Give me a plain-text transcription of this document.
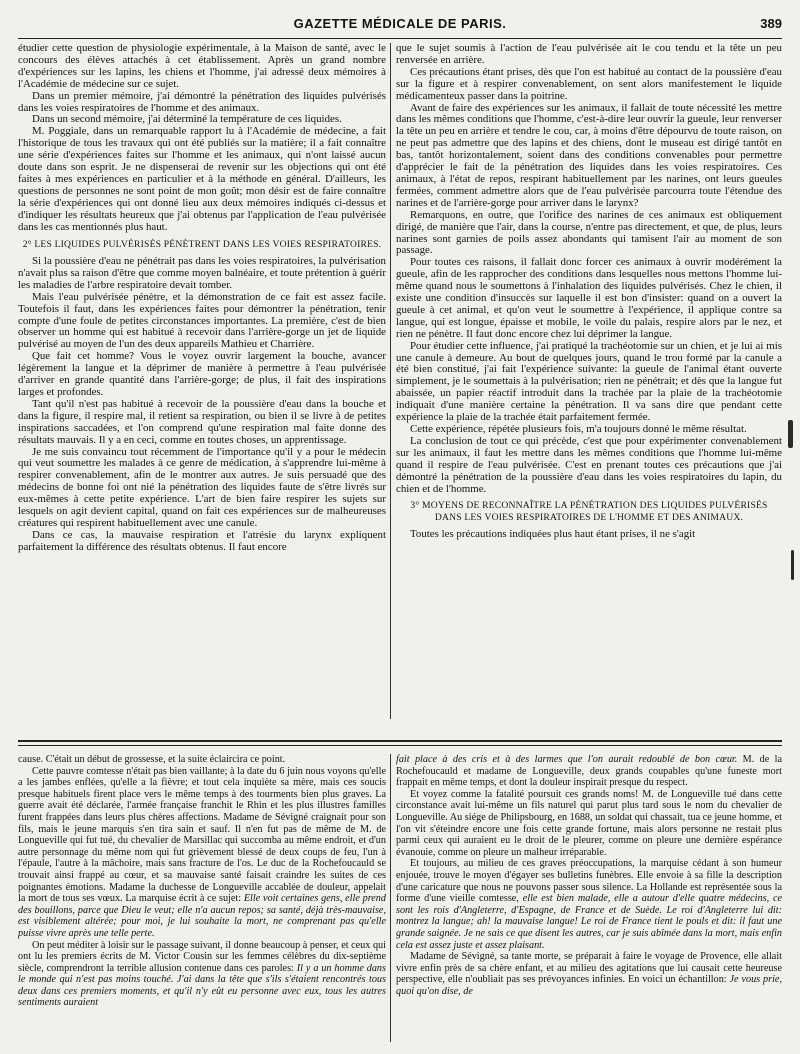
GAZETTE MÉDICALE DE PARIS.	389

étudier cette question de physiologie expérimentale, à la Maison de santé, avec le concours des élèves attachés à cet établissement. Après un grand nombre d'expériences sur les lapins, les chiens et l'homme, j'ai adressé deux mémoires à l'Académie de médecine sur ce sujet.

Dans un premier mémoire, j'ai démontré la pénétration des liquides pulvérisés dans les voies respiratoires de l'homme et des animaux.

Dans un second mémoire, j'ai déterminé la température de ces liquides.

M. Poggiale, dans un remarquable rapport lu à l'Académie de médecine, a fait l'historique de tous les travaux qui ont été publiés sur la matière; il a fait connaître une série d'expériences faites sur l'homme et les animaux, qui n'ont laissé aucun doute dans son esprit. Je ne dispenserai de revenir sur les objections qui ont été faites à mes expériences en particulier et à la méthode en général. D'ailleurs, les questions de personnes ne sont point de mon goût; mon désir est de faire connaître la série d'expériences qui ont donné lieu aux deux mémoires indiqués ci-dessus et d'indiquer les résultats heureux que j'ai obtenus par l'application de l'eau pulvérisée dans les cas mentionnés plus haut.

2° LES LIQUIDES PULVÉRISÉS PÉNÈTRENT DANS LES VOIES RESPIRATOIRES.

Si la poussière d'eau ne pénétrait pas dans les voies respiratoires, la pulvérisation n'avait plus sa raison d'être que comme moyen balnéaire, et toute prétention à guérir les maladies de l'arbre respiratoire devait tomber.

Mais l'eau pulvérisée pénètre, et la démonstration de ce fait est assez facile. Toutefois il faut, dans les expériences faites pour démontrer la pénétration, tenir compte d'une foule de petites circonstances importantes. La première, c'est de bien observer un homme qui est habitué à recevoir dans l'arrière-gorge un jet de liquide pulvérisé au moyen de l'un des deux appareils Mathieu et Charrière.

Que fait cet homme? Vous le voyez ouvrir largement la bouche, avancer légèrement la langue et la déprimer de manière à permettre à l'eau pulvérisée d'arriver en grande quantité dans l'arrière-gorge; de plus, il fait des inspirations larges et profondes.

Tant qu'il n'est pas habitué à recevoir de la poussière d'eau dans la bouche et dans la figure, il respire mal, il retient sa respiration, ou bien il se livre à de petites inspirations saccadées, et l'on comprend qu'une respiration mal faite donne des résultats mauvais. Il y a en ceci, comme en toutes choses, un apprentissage.

Je me suis convaincu tout récemment de l'importance qu'il y a pour le médecin qui veut soumettre les malades à ce genre de médication, à s'apprendre lui-même à respirer convenablement, afin de le montrer aux autres. Je suis persuadé que des médecins de bonne foi ont nié la pénétration des liquides faute de s'être livrés sur eux-mêmes à cette petite expérience. L'art de bien faire respirer les sujets sur lesquels on agit devient capital, quand on fait ces expériences sur de malheureuses créatures qui respirent habituellement avec une canule.

Dans ce cas, la mauvaise respiration et l'atrésie du larynx expliquent parfaitement la différence des résultats obtenus. Il faut encore

que le sujet soumis à l'action de l'eau pulvérisée ait le cou tendu et la tête un peu renversée en arrière.

Ces précautions étant prises, dès que l'on est habitué au contact de la poussière d'eau sur la figure et à respirer convenablement, on sent alors manifestement le liquide médicamenteux passer dans la poitrine.

Avant de faire des expériences sur les animaux, il fallait de toute nécessité les mettre dans les mêmes conditions que l'homme, c'est-à-dire leur ouvrir la gueule, leur renverser la tête un peu en arrière et tendre le cou, car, à moins d'être dépourvu de toute raison, on ne peut pas admettre que des lapins et des chiens, dont le museau est dirigé tantôt en bas, tantôt horizontalement, soient dans des conditions convenables pour permettre d'apprécier le fait de la pénétration des liquides dans les voies respiratoires. Ces animaux, à l'état de repos, respirant habituellement par les narines, ont leurs gueules fermées, comment admettre alors que de l'eau pulvérisée parcourra toute l'étendue des narines et de l'arrière-gorge pour arriver dans le larynx?

Remarquons, en outre, que l'orifice des narines de ces animaux est obliquement dirigé, de manière que l'air, dans la course, n'entre pas directement, et que, de plus, leurs narines sont garnies de poils assez abondants qui tamisent l'air au moment de son passage.

Pour toutes ces raisons, il fallait donc forcer ces animaux à ouvrir modérément la gueule, afin de les rapprocher des conditions dans lesquelles nous mettons l'homme lui-même quand nous le soumettons à l'inhalation des liquides pulvérisés. Chez le chien, il existe une condition d'insuccès sur laquelle il est bon d'insister: quand on a ouvert la gueule à cet animal, et qu'on veut le soumettre à l'expérience, il applique contre sa langue, qui est longue, épaisse et mobile, le voile du palais, respire alors par le nez, et rien ne pénètre. Il faut donc encore chez lui déprimer la langue.

Pour étudier cette influence, j'ai pratiqué la trachéotomie sur un chien, et je lui ai mis une canule à demeure. Au bout de quelques jours, quand le trou formé par la canule a été bien constitué, j'ai fait l'expérience suivante: la gueule de l'animal étant ouverte simplement, je le soumettais à la pulvérisation; rien ne pénétrait; et dès que la langue fut abaissée, un papier réactif introduit dans la trachée par la plaie de la trachéotomie indiquait d'une manière certaine la pénétration. Il va sans dire que pendant cette expérience la plaie de la trachée était parfaitement fermée.

Cette expérience, répétée plusieurs fois, m'a toujours donné le même résultat.

La conclusion de tout ce qui précède, c'est que pour expérimenter convenablement sur les animaux, il faut les mettre dans les mêmes conditions que l'homme lui-même quand il respire de l'eau pulvérisée. C'est en prenant toutes ces précautions que j'ai démontré la pénétration de la poussière d'eau dans les voies respiratoires du lapin, du chien et de l'homme.

3° MOYENS DE RECONNAÎTRE LA PÉNÉTRATION DES LIQUIDES PULVÉRISÉS DANS LES VOIES RESPIRATOIRES DE L'HOMME ET DES ANIMAUX.

Toutes les précautions indiquées plus haut étant prises, il ne s'agit

cause. C'était un début de grossesse, et la suite éclaircira ce point.

Cette pauvre comtesse n'était pas bien vaillante; à la date du 6 juin nous voyons qu'elle a les jambes enflées, qu'elle a la fièvre; et tout cela inquiète sa mère, mais ces soucis presque habituels firent place vers le même temps à des tourments bien plus graves. La guerre avait été déclarée, l'armée française franchit le Rhin et les plus illustres familles furent frappées dans leurs plus chères affections. Madame de Sévigné craignait pour son fils, mais le jeune marquis s'en tira sain et sauf. Il n'en fut pas de même de M. de Longueville qui fut tué, du chevalier de Marsillac qui succomba au même endroit, et d'un autre personnage du même nom qui fut grièvement blessé de deux coups de feu, l'un à l'épaule, l'autre à la mâchoire, mais sans fracture de l'os. Le duc de la Rochefoucauld se trouvait ainsi frappé au cœur, et sa mauvaise santé faisait craindre les suites de ces poignantes émotions. Madame la duchesse de Longueville accablée de douleur, appelait la mort de tous ses vœux. La marquise écrit à ce sujet: Elle voit certaines gens, elle prend des bouillons, parce que Dieu le veut; elle n'a aucun repos; sa santé, déjà très-mauvaise, est visiblement altérée; pour moi, je lui souhaite la mort, ne comprenant pas qu'elle puisse vivre après une telle perte.

On peut méditer à loisir sur le passage suivant, il donne beaucoup à penser, et ceux qui ont lu les premiers écrits de M. Victor Cousin sur les femmes célèbres du dix-septième siècle, comprendront la terrible allusion contenue dans ces paroles: Il y a un homme dans le monde qui n'est pas moins touché. J'ai dans la tête que s'ils s'étaient rencontrés tous deux dans ces premiers moments, et qu'il n'y eût eu personne avec eux, tous les autres sentiments auraient

fait place à des cris et à des larmes que l'on aurait redoublé de bon cœur. M. de la Rochefoucauld et madame de Longueville, deux grands coupables qu'une funeste mort frappait en même temps, et dont la douleur inspirait presque du respect.

Et voyez comme la fatalité poursuit ces grands noms! M. de Longueville tué dans cette circonstance avait lui-même un fils naturel qui parut plus tard sous le nom du chevalier de Longueville. Au siége de Philipsbourg, en 1688, un soldat qui chassait, tua ce jeune homme, et l'on vit s'éteindre encore une fois cette grande fortune, mais alors personne ne restait plus parmi ceux qui auraient eu le droit de le pleurer, comme on pleure une dernière espérance évanouie, comme on pleure un malheur irréparable.

Et toujours, au milieu de ces graves préoccupations, la marquise cédant à son humeur enjouée, trouve le moyen d'égayer ses bulletins funèbres. Elle envoie à sa fille la description d'une caricature que nous ne pouvons passer sous silence. La Hollande est représentée sous la forme d'une vieille comtesse, elle est bien malade, elle a autour d'elle quatre médecins, ce sont les rois d'Angleterre, d'Espagne, de France et de Suède. Le roi d'Angleterre lui dit: montrez la langue; ah! la mauvaise langue! Le roi de France tient le pouls et dit: il faut une grande saignée. Je ne sais ce que disent les autres, car je suis abîmée dans la mort, mais enfin cela est assez juste et assez plaisant.

Madame de Sévigné, sa tante morte, se préparait à faire le voyage de Provence, elle allait vivre enfin près de sa chère enfant, et au milieu des agitations que lui causait cette heureuse perspective, elle n'oubliait pas ses prévoyances infinies. En voici un échantillon: Je vous prie, quoi qu'on dise, de
